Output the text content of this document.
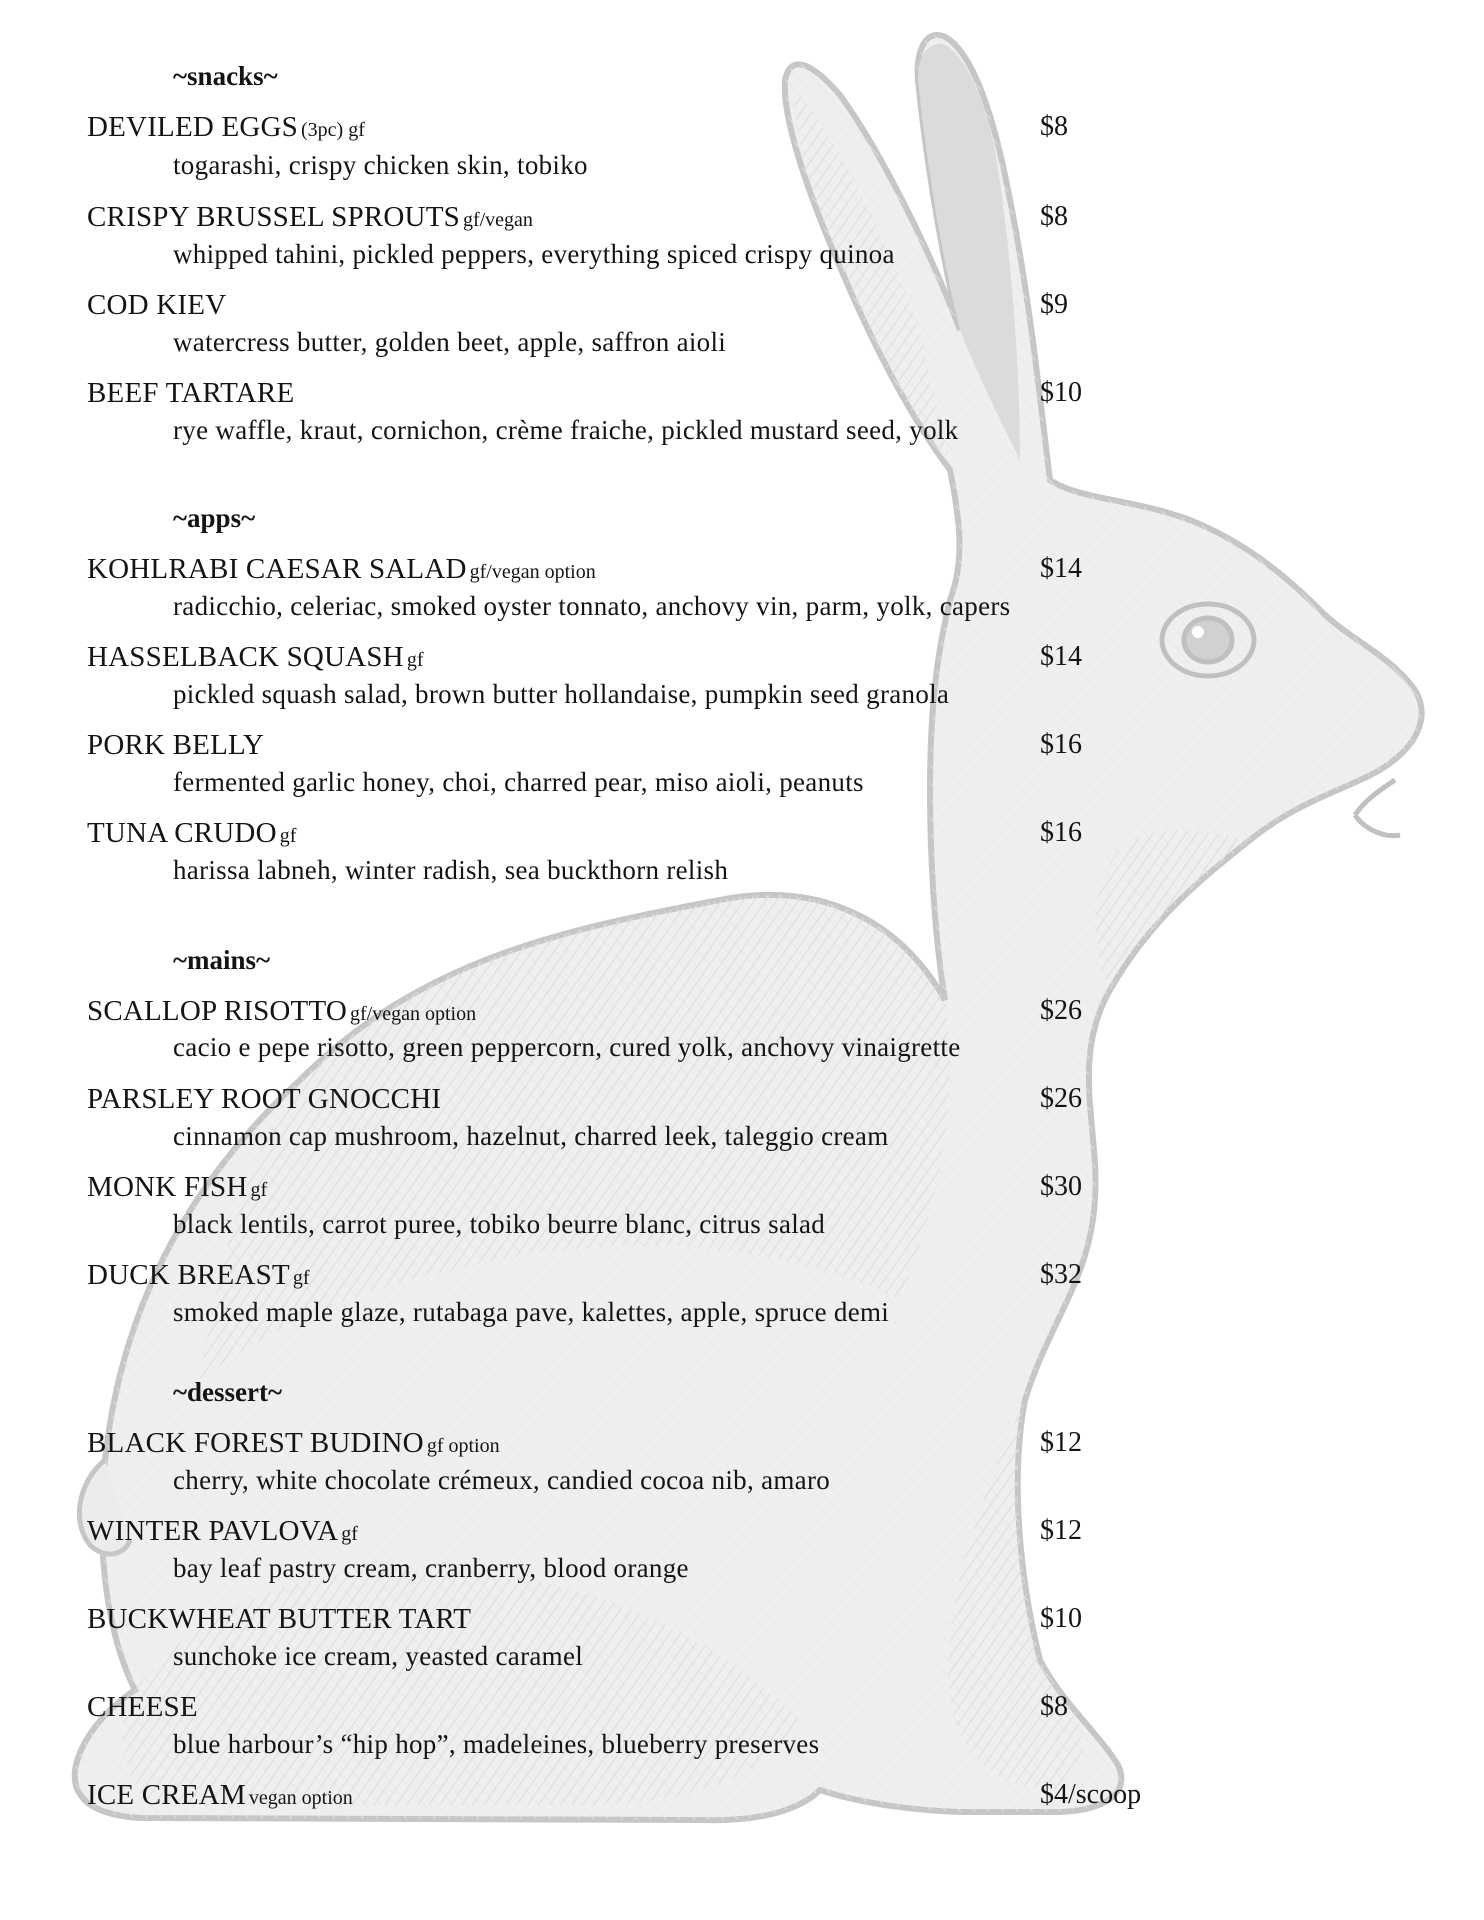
~snacks~
DEVILED EGGS (3pc) gf	$8
togarashi, crispy chicken skin, tobiko
CRISPY BRUSSEL SPROUTS gf/vegan	$8
whipped tahini, pickled peppers, everything spiced crispy quinoa
COD KIEV	$9
watercress butter, golden beet, apple, saffron aioli
BEEF TARTARE	$10
rye waffle, kraut, cornichon, crème fraiche, pickled mustard seed, yolk
~apps~
KOHLRABI CAESAR SALAD gf/vegan option	$14
radicchio, celeriac, smoked oyster tonnato, anchovy vin, parm, yolk, capers
HASSELBACK SQUASH gf	$14
pickled squash salad, brown butter hollandaise, pumpkin seed granola
PORK BELLY	$16
fermented garlic honey, choi, charred pear, miso aioli, peanuts
TUNA CRUDO gf	$16
harissa labneh, winter radish, sea buckthorn relish
~mains~
SCALLOP RISOTTO gf/vegan option	$26
cacio e pepe risotto, green peppercorn, cured yolk, anchovy vinaigrette
PARSLEY ROOT GNOCCHI	$26
cinnamon cap mushroom, hazelnut, charred leek, taleggio cream
MONK FISH gf	$30
black lentils, carrot puree, tobiko beurre blanc, citrus salad
DUCK BREAST gf	$32
smoked maple glaze, rutabaga pave, kalettes, apple, spruce demi
~dessert~
BLACK FOREST BUDINO gf option	$12
cherry, white chocolate crémeux, candied cocoa nib, amaro
WINTER PAVLOVA gf	$12
bay leaf pastry cream, cranberry, blood orange
BUCKWHEAT BUTTER TART	$10
sunchoke ice cream, yeasted caramel
CHEESE	$8
blue harbour’s “hip hop”, madeleines, blueberry preserves
ICE CREAM vegan option	$4/scoop
